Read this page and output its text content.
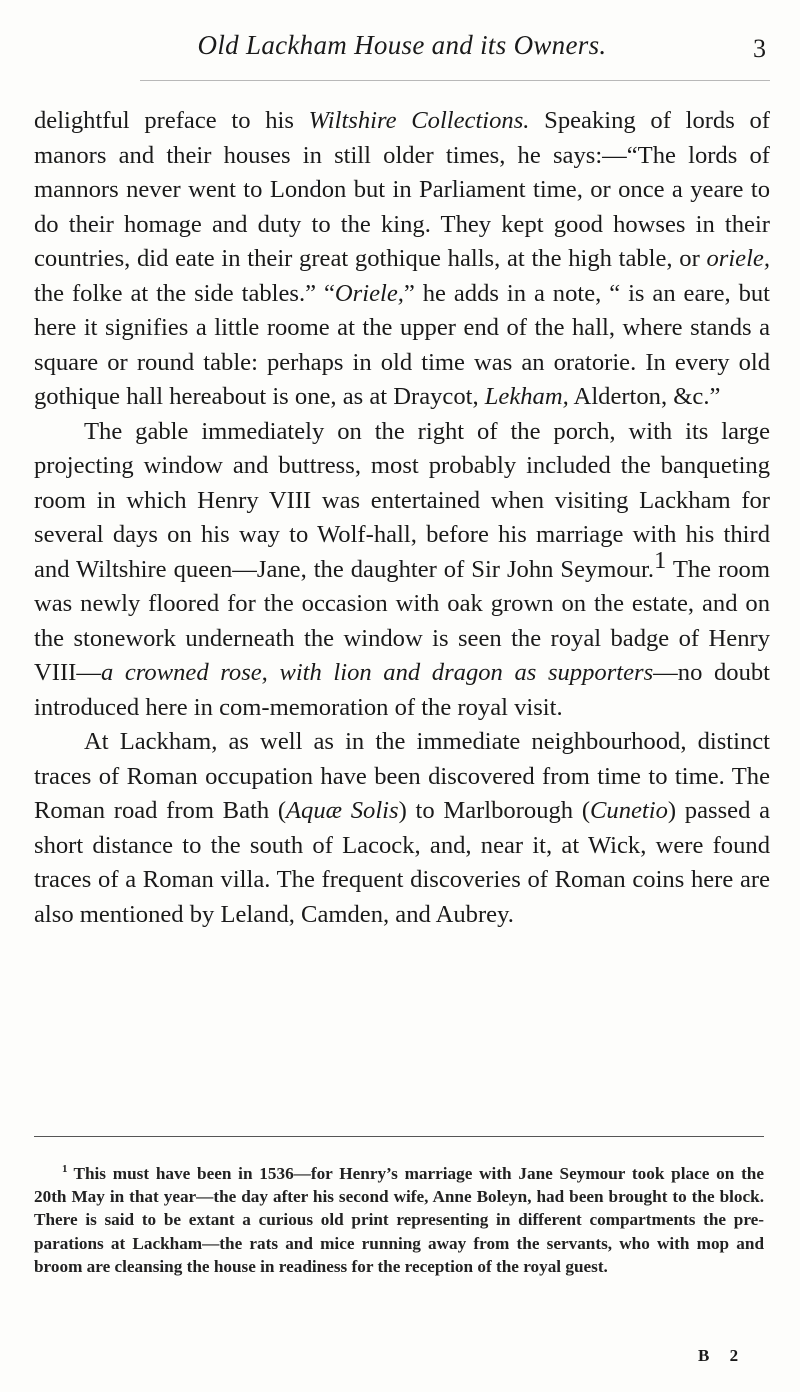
Old Lackham House and its Owners.	3

delightful preface to his Wiltshire Collections. Speaking of lords of manors and their houses in still older times, he says:—“The lords of mannors never went to London but in Parliament time, or once a yeare to do their homage and duty to the king. They kept good howses in their countries, did eate in their great gothique halls, at the high table, or oriele, the folke at the side tables.” “Oriele,” he adds in a note, “ is an eare, but here it signifies a little roome at the upper end of the hall, where stands a square or round table: perhaps in old time was an oratorie. In every old gothique hall hereabout is one, as at Draycot, Lekham, Alderton, &c.”

The gable immediately on the right of the porch, with its large projecting window and buttress, most probably included the banqueting room in which Henry VIII was entertained when visiting Lackham for several days on his way to Wolf-hall, before his marriage with his third and Wiltshire queen—Jane, the daughter of Sir John Seymour.1 The room was newly floored for the occasion with oak grown on the estate, and on the stonework underneath the window is seen the royal badge of Henry VIII—a crowned rose, with lion and dragon as supporters—no doubt introduced here in com-memoration of the royal visit.

At Lackham, as well as in the immediate neighbourhood, distinct traces of Roman occupation have been discovered from time to time. The Roman road from Bath (Aquæ Solis) to Marlborough (Cunetio) passed a short distance to the south of Lacock, and, near it, at Wick, were found traces of a Roman villa. The frequent discoveries of Roman coins here are also mentioned by Leland, Camden, and Aubrey.

$^1$ This must have been in 1536—for Henry’s marriage with Jane Seymour took place on the 20th May in that year—the day after his second wife, Anne Boleyn, had been brought to the block. There is said to be extant a curious old print representing in different compartments the pre-parations at Lackham—the rats and mice running away from the servants, who with mop and broom are cleansing the house in readiness for the reception of the royal guest.
B 2
